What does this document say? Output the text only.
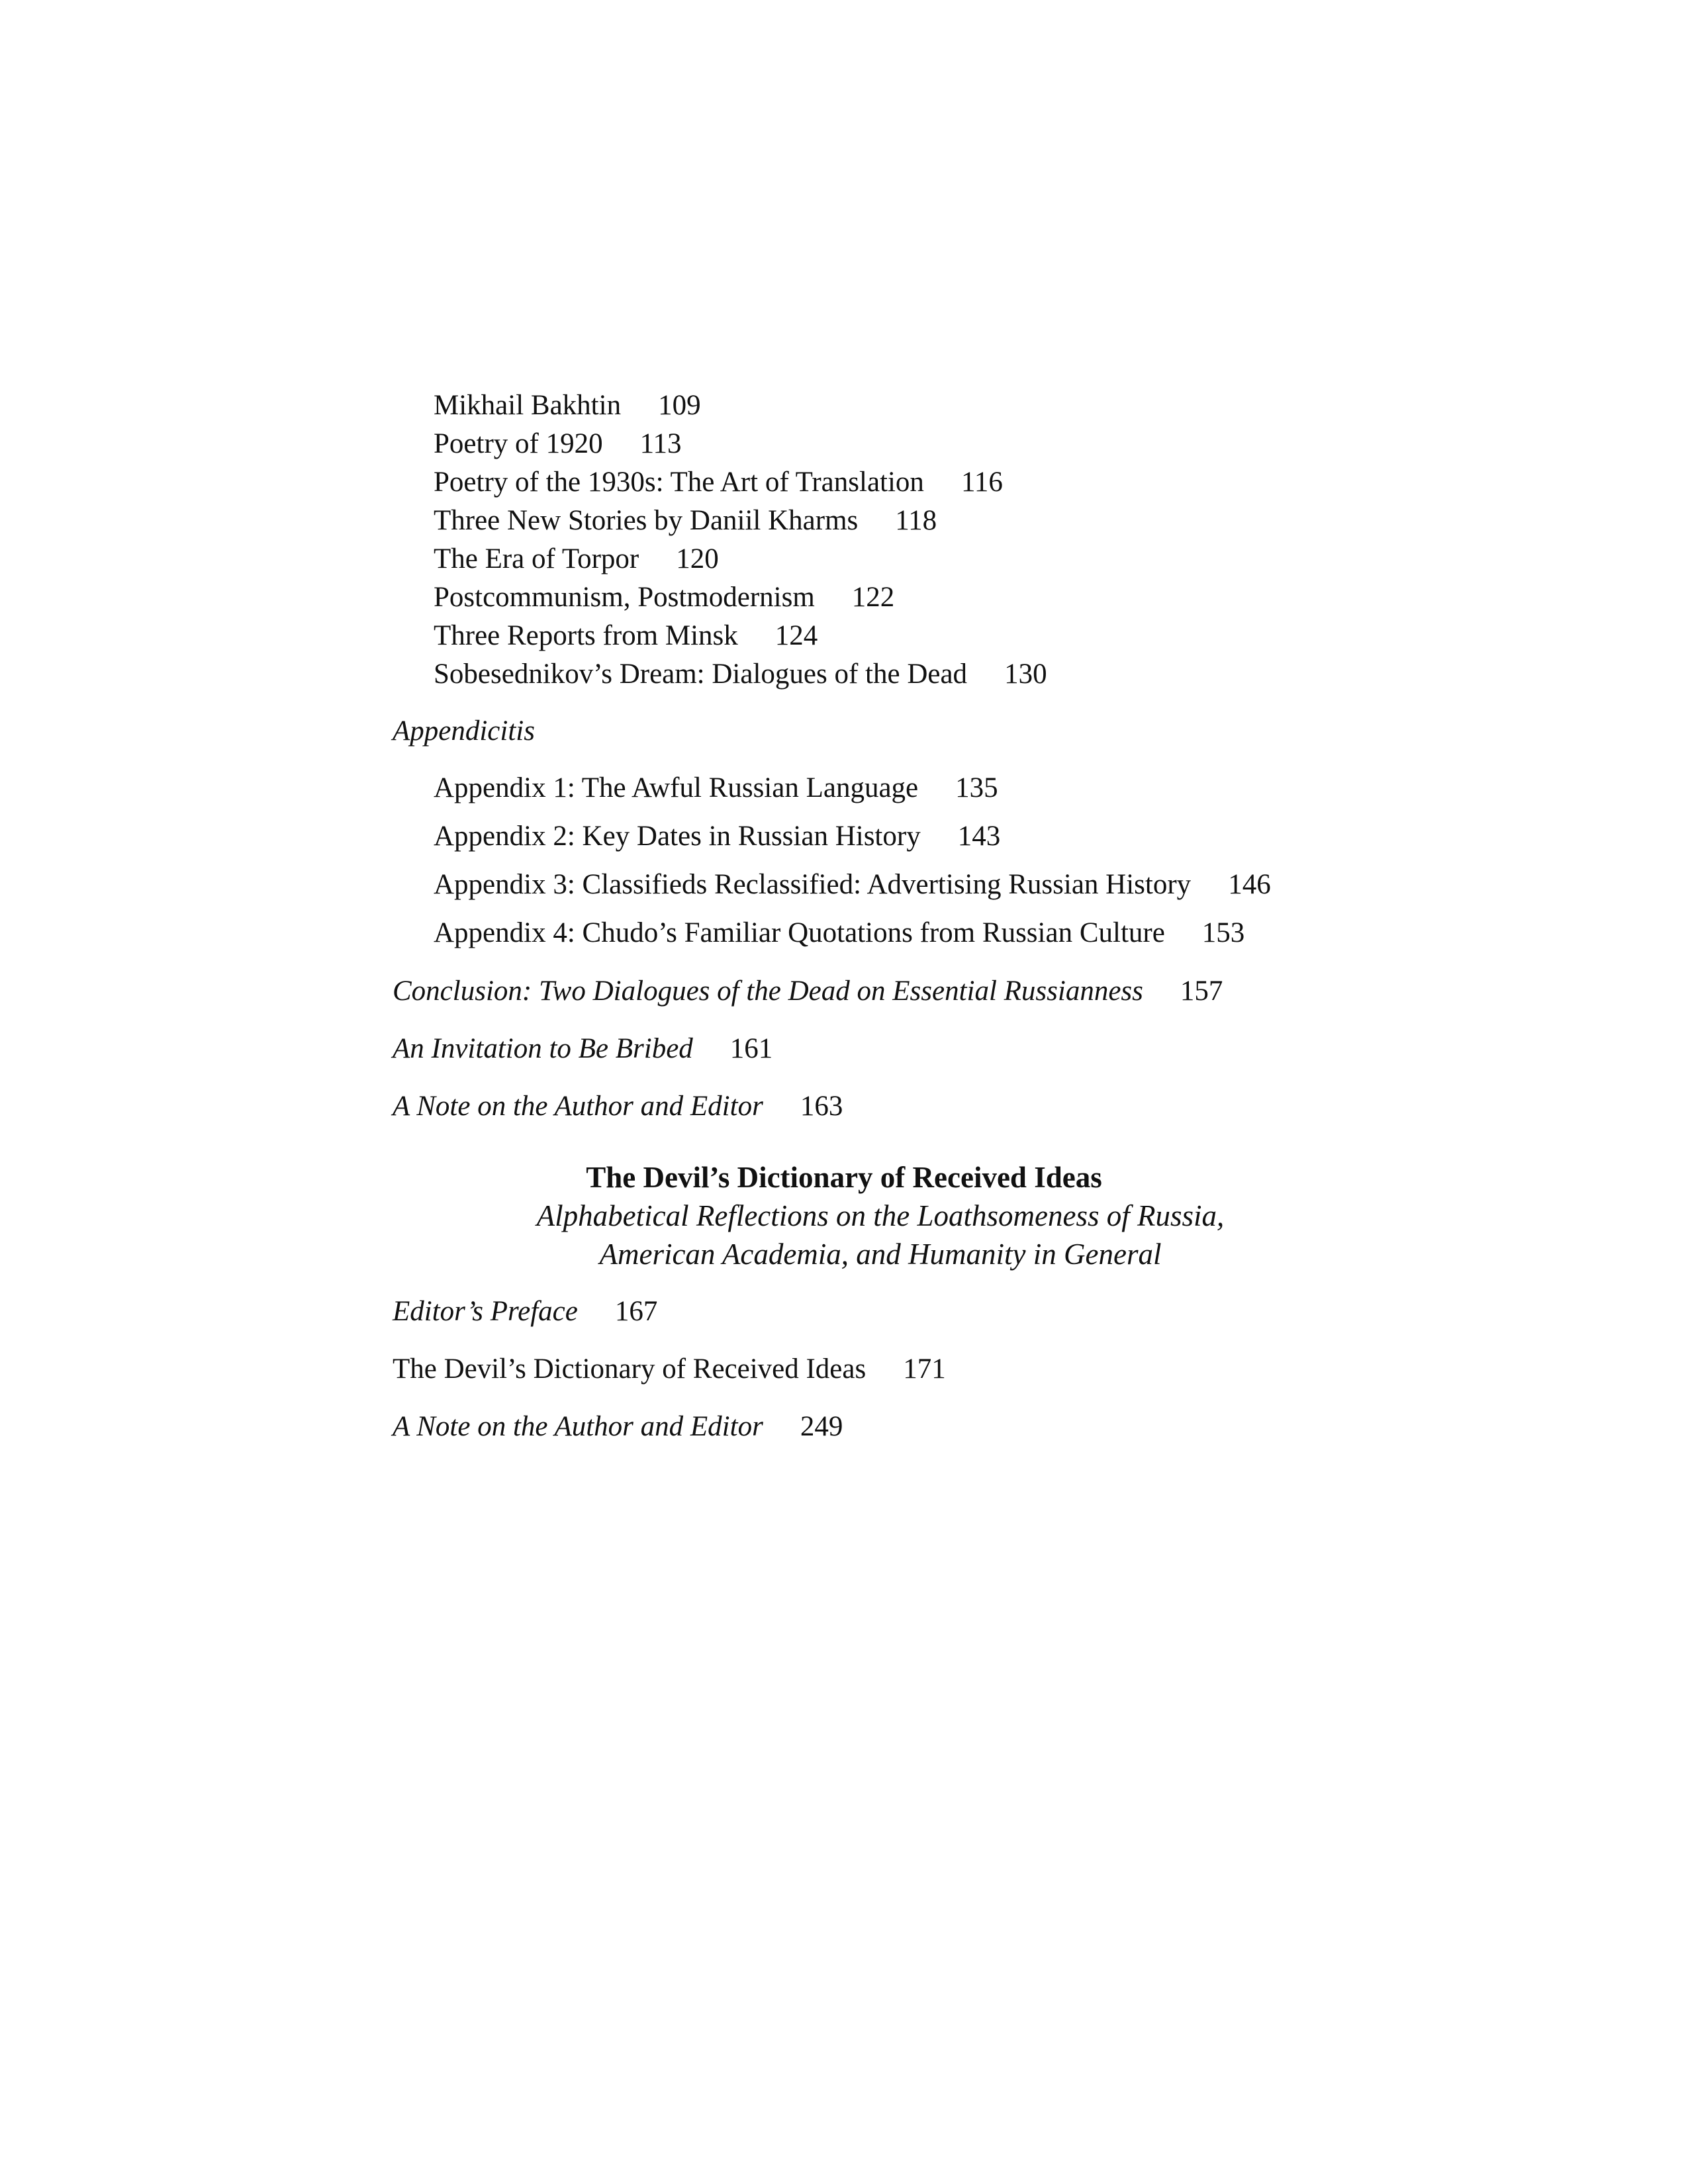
Mikhail Bakhtin 109
Poetry of 1920 113
Poetry of the 1930s: The Art of Translation 116
Three New Stories by Daniil Kharms 118
The Era of Torpor 120
Postcommunism, Postmodernism 122
Three Reports from Minsk 124
Sobesednikov’s Dream: Dialogues of the Dead 130
Appendicitis
Appendix 1: The Awful Russian Language 135
Appendix 2: Key Dates in Russian History 143
Appendix 3: Classifieds Reclassified: Advertising Russian History 146
Appendix 4: Chudo’s Familiar Quotations from Russian Culture 153
Conclusion: Two Dialogues of the Dead on Essential Russianness 157
An Invitation to Be Bribed 161
A Note on the Author and Editor 163
The Devil’s Dictionary of Received Ideas
Alphabetical Reflections on the Loathsomeness of Russia,
American Academia, and Humanity in General
Editor’s Preface 167
The Devil’s Dictionary of Received Ideas 171
A Note on the Author and Editor 249
